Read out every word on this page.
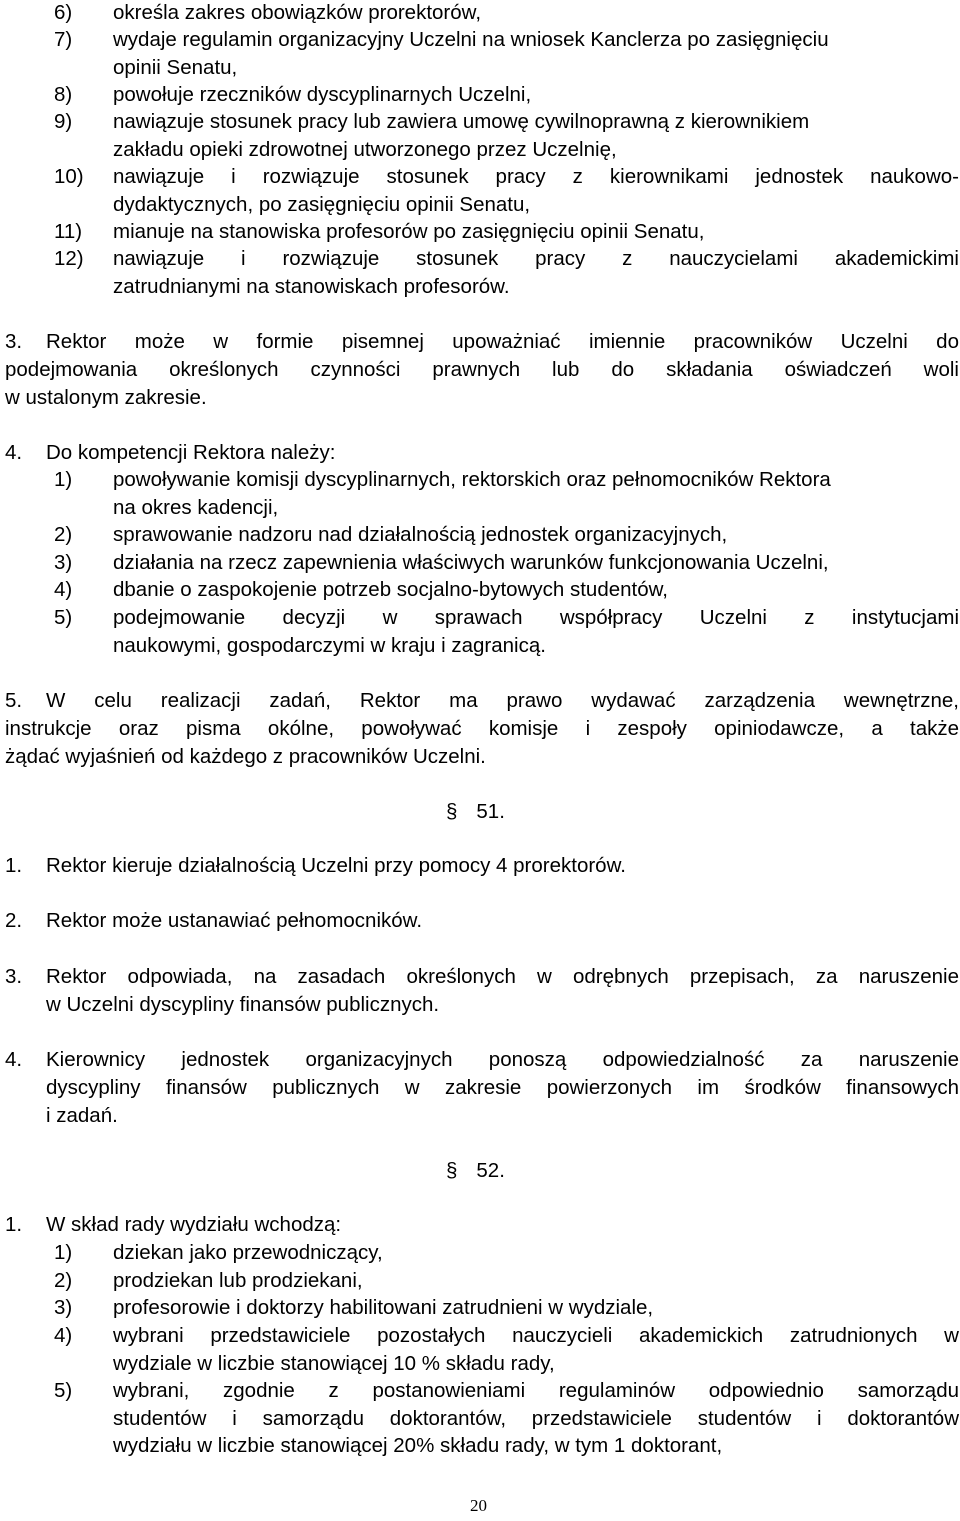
6) określa zakres obowiązków prorektorów,
7) wydaje regulamin organizacyjny Uczelni na wniosek Kanclerza po zasięgnięciu
opinii Senatu,
8) powołuje rzeczników dyscyplinarnych Uczelni,
9) nawiązuje stosunek pracy lub zawiera umowę cywilnoprawną z kierownikiem
zakładu opieki zdrowotnej utworzonego przez Uczelnię,
10) nawiązuje i rozwiązuje stosunek pracy z kierownikami jednostek naukowo-
dydaktycznych, po zasięgnięciu opinii Senatu,
11) mianuje na stanowiska profesorów po zasięgnięciu opinii Senatu,
12) nawiązuje i rozwiązuje stosunek pracy z nauczycielami akademickimi
zatrudnianymi na stanowiskach profesorów.
3. Rektor może w formie pisemnej upoważniać imiennie pracowników Uczelni do
podejmowania określonych czynności prawnych lub do składania oświadczeń woli
w ustalonym zakresie.
4. Do kompetencji Rektora należy:
1) powoływanie komisji dyscyplinarnych, rektorskich oraz pełnomocników Rektora
na okres kadencji,
2) sprawowanie nadzoru nad działalnością jednostek organizacyjnych,
3) działania na rzecz zapewnienia właściwych warunków funkcjonowania Uczelni,
4) dbanie o zaspokojenie potrzeb socjalno-bytowych studentów,
5) podejmowanie decyzji w sprawach współpracy Uczelni z instytucjami
naukowymi, gospodarczymi w kraju i zagranicą.
5. W celu realizacji zadań, Rektor ma prawo wydawać zarządzenia wewnętrzne,
instrukcje oraz pisma okólne, powoływać komisje i zespoły opiniodawcze, a także
żądać wyjaśnień od każdego z pracowników Uczelni.
§ 51.
1. Rektor kieruje działalnością Uczelni przy pomocy 4 prorektorów.
2. Rektor może ustanawiać pełnomocników.
3. Rektor odpowiada, na zasadach określonych w odrębnych przepisach, za naruszenie
w Uczelni dyscypliny finansów publicznych.
4. Kierownicy jednostek organizacyjnych ponoszą odpowiedzialność za naruszenie
dyscypliny finansów publicznych w zakresie powierzonych im środków finansowych
i zadań.
§ 52.
1. W skład rady wydziału wchodzą:
1) dziekan jako przewodniczący,
2) prodziekan lub prodziekani,
3) profesorowie i doktorzy habilitowani zatrudnieni w wydziale,
4) wybrani przedstawiciele pozostałych nauczycieli akademickich zatrudnionych w
wydziale w liczbie stanowiącej 10 % składu rady,
5) wybrani, zgodnie z postanowieniami regulaminów odpowiednio samorządu
studentów i samorządu doktorantów, przedstawiciele studentów i doktorantów
wydziału w liczbie stanowiącej 20% składu rady, w tym 1 doktorant,
20
